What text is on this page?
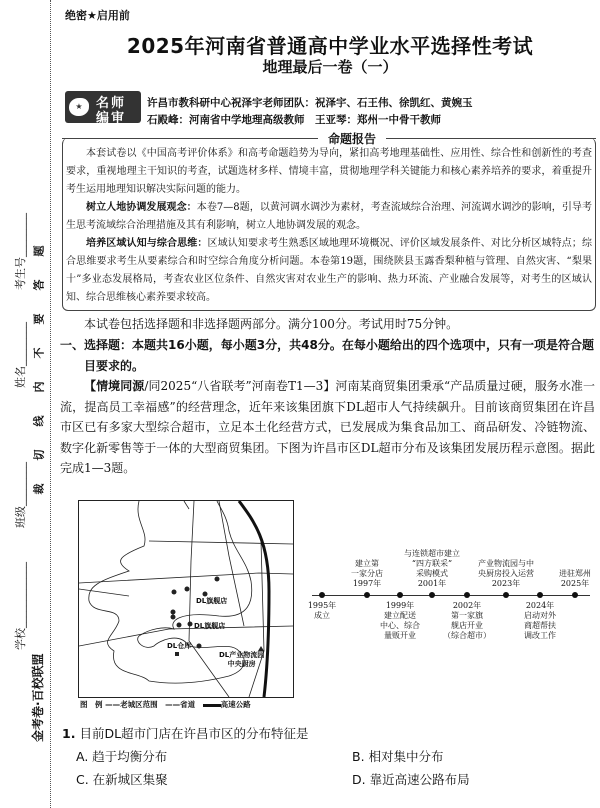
考生号________
姓名________
班级________
学校____________
金考卷·百校联盟
题
答
要
不
内
线
切
裁
绝密★启用前
2025年河南省普通高中学业水平选择性考试
地理最后一卷（一）
★	名师
编审
许昌市教科研中心祝泽宇老师团队：祝泽宇、石王伟、徐凯红、黄婉玉
石殿峰：河南省中学地理高级教师　王亚琴：郑州一中骨干教师
命题报告

本套试卷以《中国高考评价体系》和高考命题趋势为导向，紧扣高考地理基础性、应用性、综合性和创新性的考查要求，重视地理主干知识的考查，试题选材多样、情境丰富，贯彻地理学科关键能力和核心素养培养的要求，着重提升考生运用地理知识解决实际问题的能力。

树立人地协调发展观念：本卷7—8题，以黄河调水调沙为素材，考查流域综合治理、河流调水调沙的影响，引导考生思考流域综合治理措施及其有利影响，树立人地协调发展的观念。

培养区域认知与综合思维：区域认知要求考生熟悉区域地理环境概况、评价区域发展条件、对比分析区域特点；综合思维要求考生从要素综合和时空综合角度分析问题。本卷第19题，围绕陕县玉露香梨种植与管理、自然灾害、“梨果十”多业态发展格局，考查农业区位条件、自然灾害对农业生产的影响、热力环流、产业融合发展等，对考生的区域认知、综合思维核心素养要求较高。

本试卷包括选择题和非选择题两部分。满分100分。考试用时75分钟。
一、选择题：本题共16小题，每小题3分，共48分。在每小题给出的四个选项中，只有一项是符合题目要求的。
【情境同源/同2025“八省联考”河南卷T1—3】河南某商贸集团秉承“产品质量过硬，服务水准一流，提高员工幸福感”的经营理念，近年来该集团旗下DL超市人气持续飙升。目前该商贸集团在许昌市区已有多家大型综合超市，立足本土化经营方式，已发展成为集食品加工、商品研发、冷链物流、数字化新零售等于一体的大型商贸集团。下图为许昌市区DL超市分布及该集团发展历程示意图。据此完成1—3题。
DL旗舰店
DL旗舰店
DL仓库
DL产业物流园
中央厨房
图　例 ——老城区范围　——省道　	高速公路
1995年
成立
建立第
一家分店
1997年
1999年
建立配送
中心、综合
量贩开业
与连锁超市建立
“四方联采”
采购模式
2001年
2002年
第一家旗
舰店开业
（综合超市）
产业物流园与中
央厨房投入运营
2023年
2024年
启动对外
商超帮扶
调改工作
进驻郑州
2025年
1. 目前DL超市门店在许昌市区的分布特征是
A. 趋于均衡分布	B. 相对集中分布
C. 在新城区集聚	D. 靠近高速公路布局
